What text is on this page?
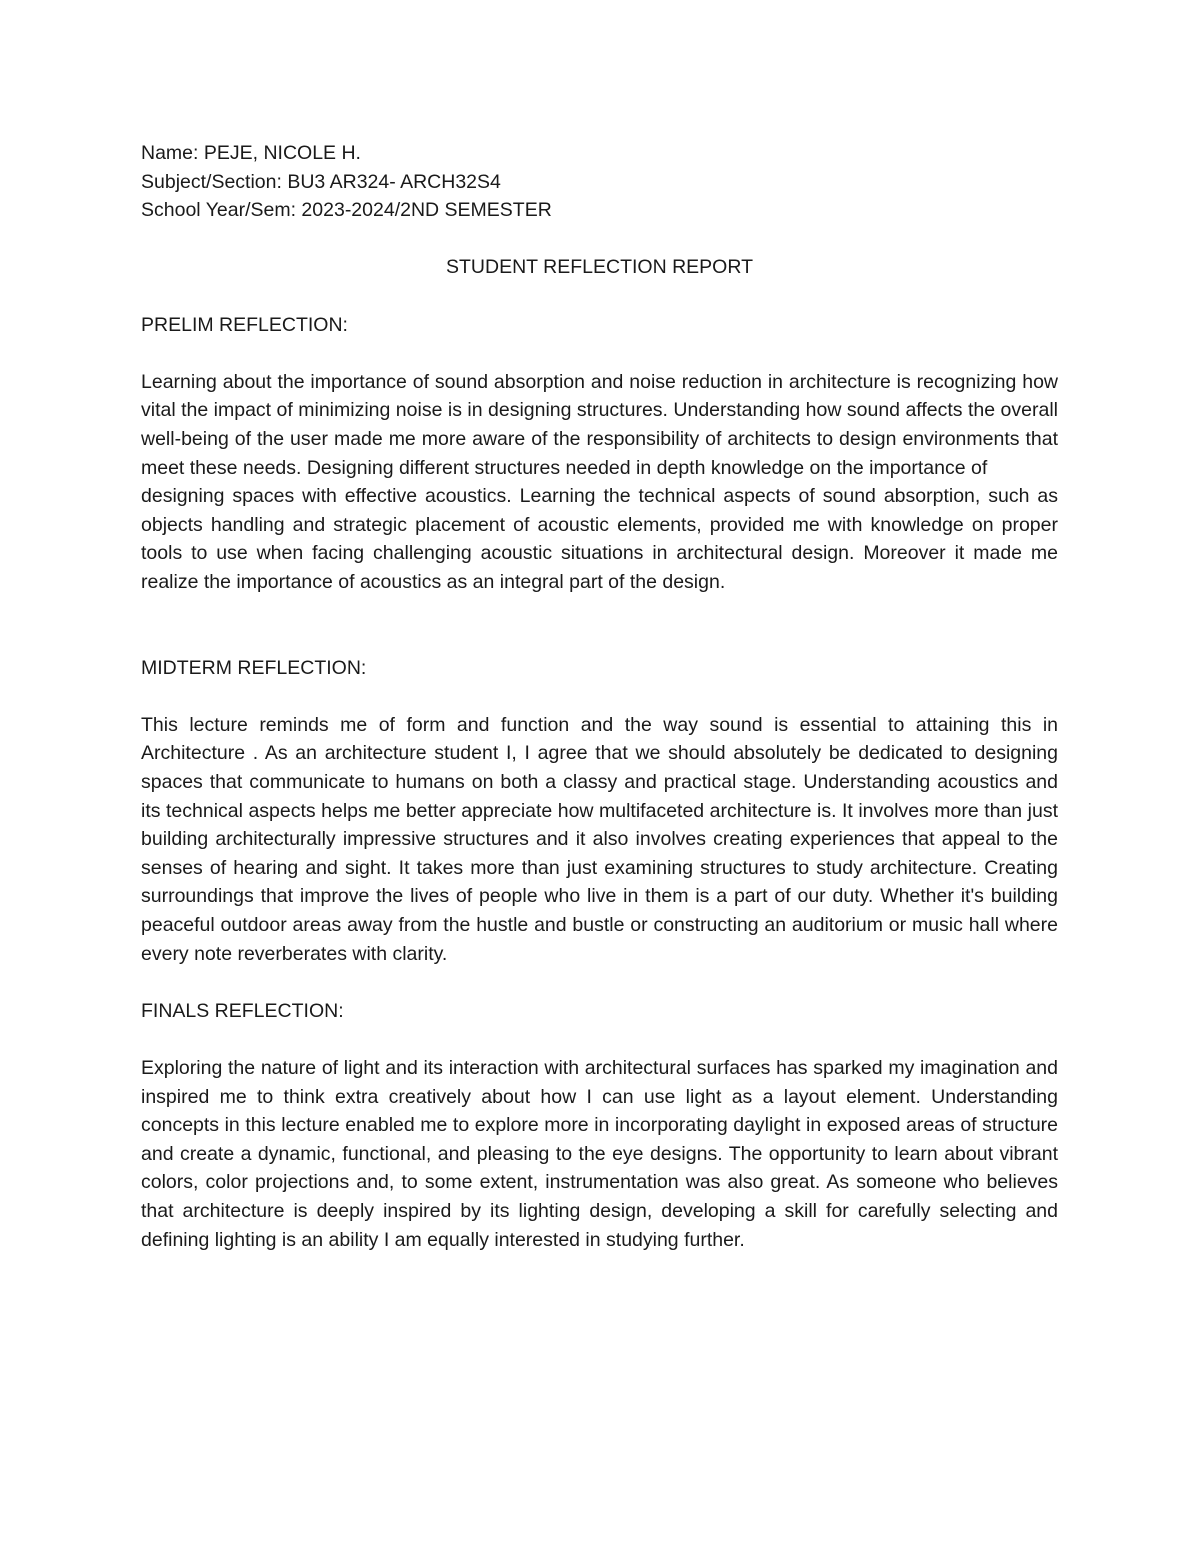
Name: PEJE, NICOLE H.

Subject/Section: BU3 AR324- ARCH32S4

School Year/Sem: 2023-2024/2ND SEMESTER

STUDENT REFLECTION REPORT

PRELIM REFLECTION:

Learning about the importance of sound absorption and noise reduction in architecture is recognizing how vital the impact of minimizing noise is in designing structures. Understanding how sound affects the overall well-being of the user made me more aware of the responsibility of architects to design environments that meet these needs. Designing different structures needed in depth knowledge on the importance of

designing spaces with effective acoustics. Learning the technical aspects of sound absorption, such as objects handling and strategic placement of acoustic elements, provided me with knowledge on proper tools to use when facing challenging acoustic situations in architectural design. Moreover it made me realize the importance of acoustics as an integral part of the design.

MIDTERM REFLECTION:

This lecture reminds me of form and function and the way sound is essential to attaining this in Architecture . As an architecture student I, I agree that we should absolutely be dedicated to designing spaces that communicate to humans on both a classy and practical stage. Understanding acoustics and its technical aspects helps me better appreciate how multifaceted architecture is. It involves more than just building architecturally impressive structures and it also involves creating experiences that appeal to the senses of hearing and sight. It takes more than just examining structures to study architecture. Creating surroundings that improve the lives of people who live in them is a part of our duty. Whether it's building peaceful outdoor areas away from the hustle and bustle or constructing an auditorium or music hall where every note reverberates with clarity.

FINALS REFLECTION:

Exploring the nature of light and its interaction with architectural surfaces has sparked my imagination and inspired me to think extra creatively about how I can use light as a layout element. Understanding concepts in this lecture enabled me to explore more in incorporating daylight in exposed areas of structure and create a dynamic, functional, and pleasing to the eye designs. The opportunity to learn about vibrant colors, color projections and, to some extent, instrumentation was also great. As someone who believes that architecture is deeply inspired by its lighting design, developing a skill for carefully selecting and defining lighting is an ability I am equally interested in studying further.
